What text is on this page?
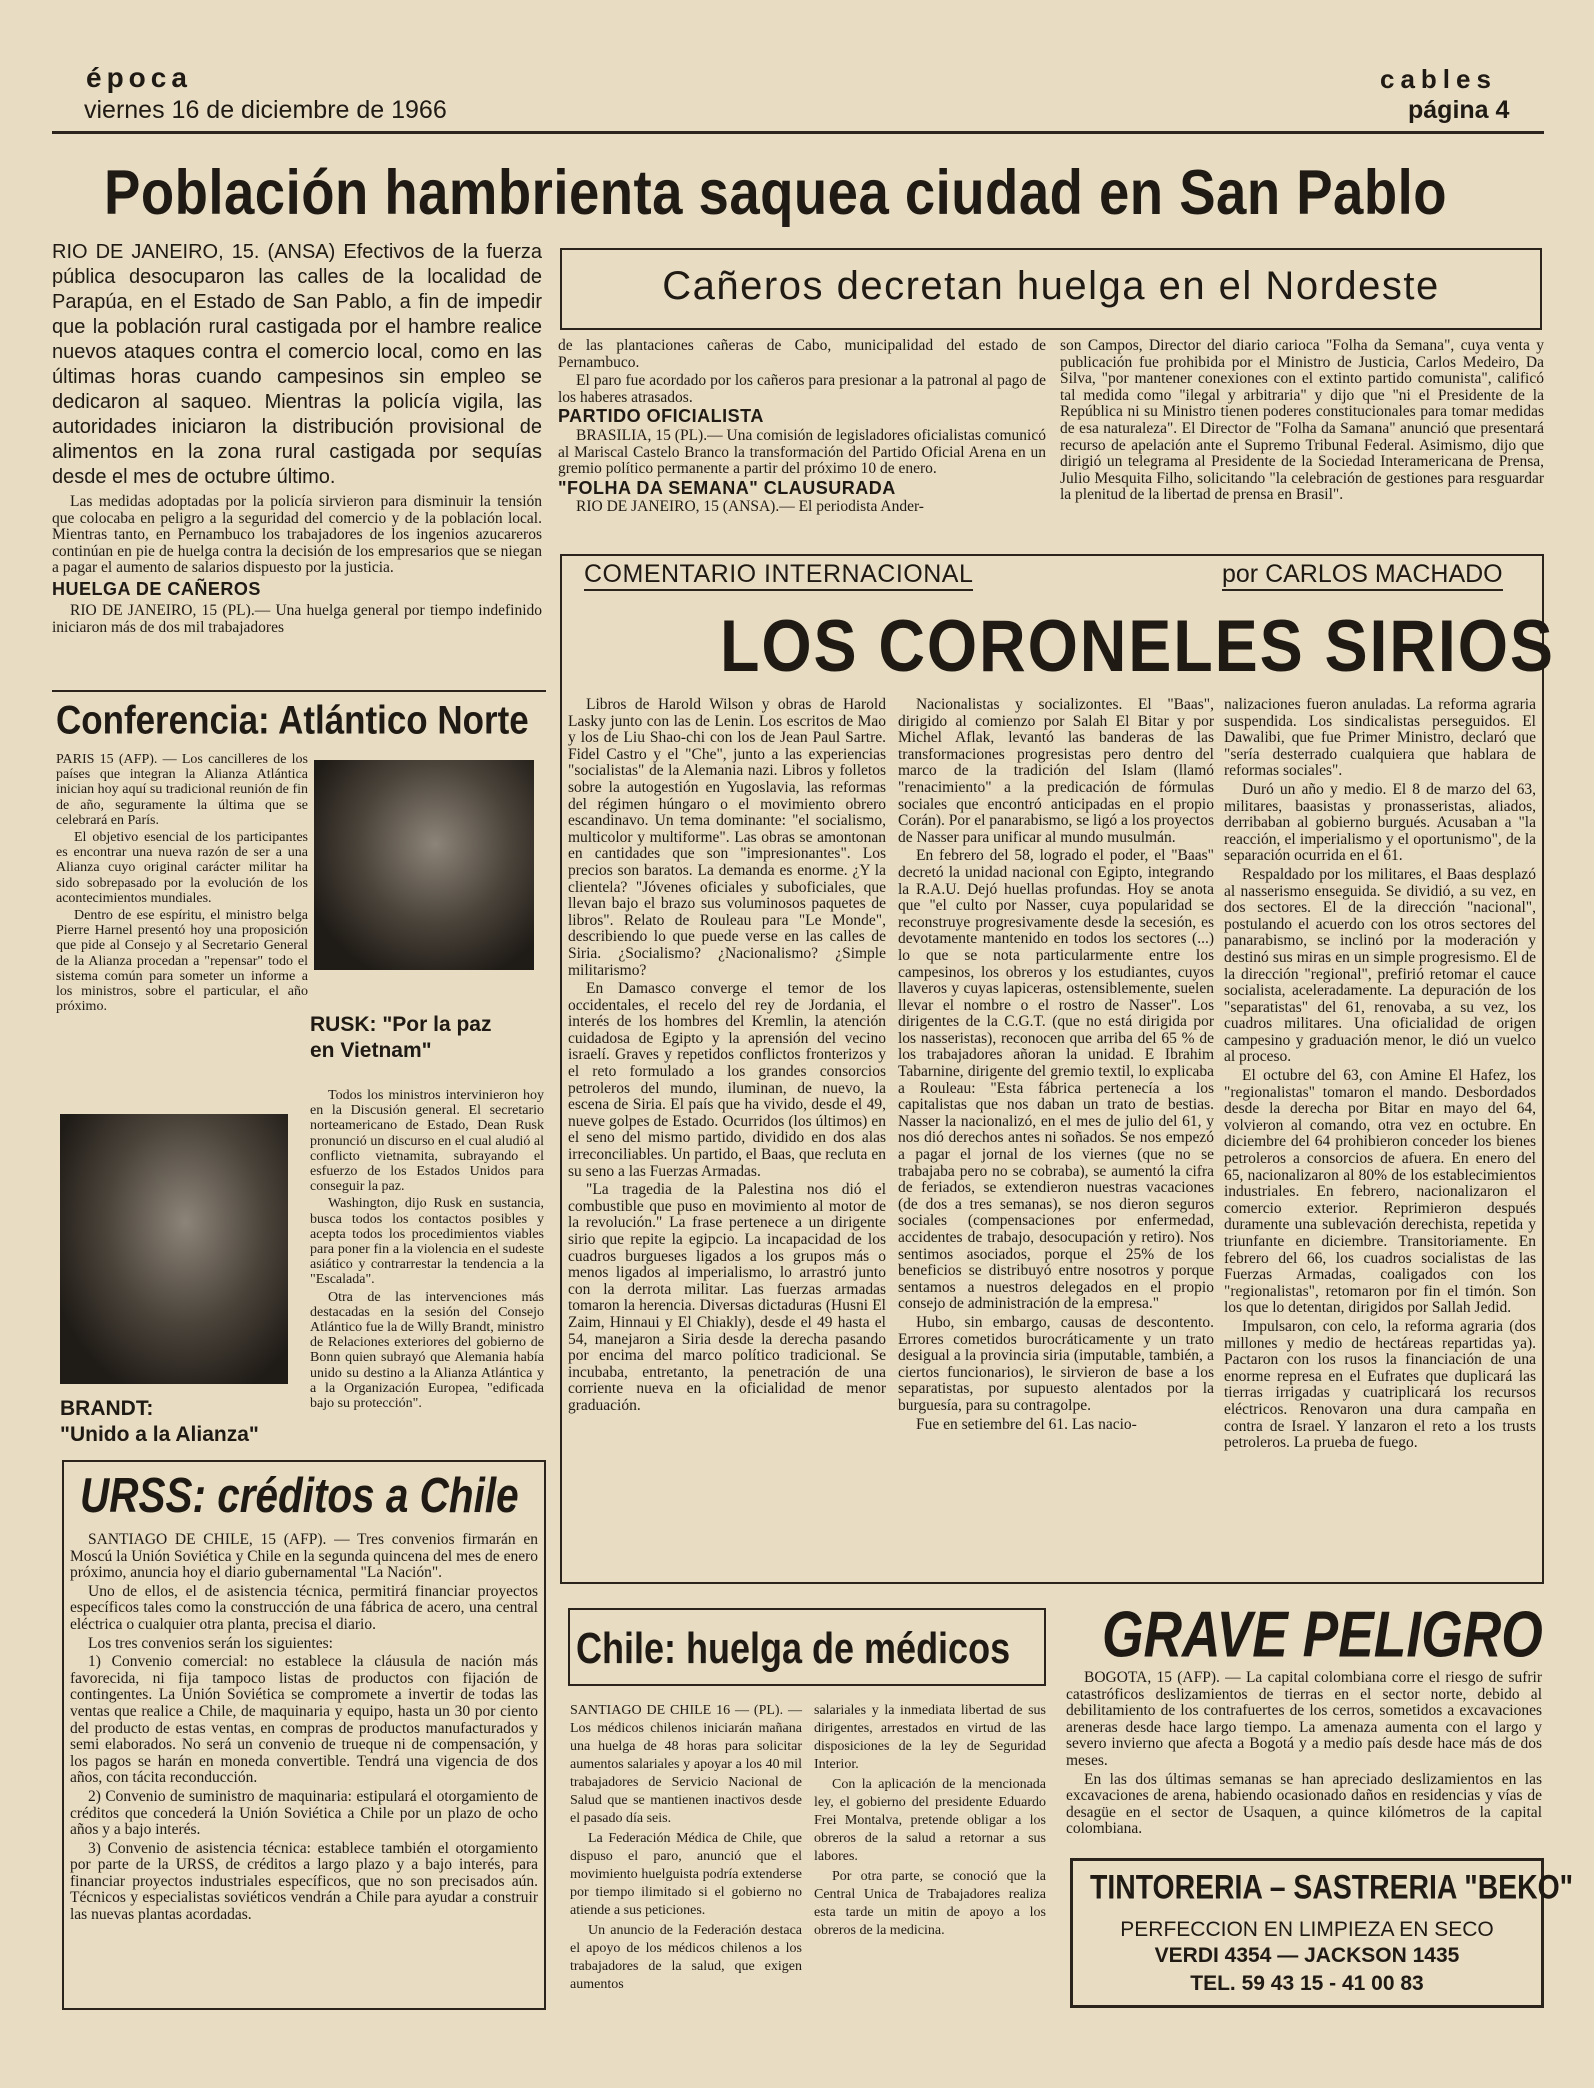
época
viernes 16 de diciembre de 1966
cables
página 4
Población hambrienta saquea ciudad en San Pablo
RIO DE JANEIRO, 15. (ANSA) Efectivos de la fuerza pública desocuparon las calles de la localidad de Parapúa, en el Estado de San Pablo, a fin de impedir que la población rural castigada por el hambre realice nuevos ataques contra el comercio local, como en las últimas horas cuando campesinos sin empleo se dedicaron al saqueo. Mientras la policía vigila, las autoridades iniciaron la distribución provisional de alimentos en la zona rural castigada por sequías desde el mes de octubre último.

Las medidas adoptadas por la policía sirvieron para disminuir la tensión que colocaba en peligro a la seguridad del comercio y de la población local. Mientras tanto, en Pernambuco los trabajadores de los ingenios azucareros continúan en pie de huelga contra la decisión de los empresarios que se niegan a pagar el aumento de salarios dispuesto por la justicia.

HUELGA DE CAÑEROS

RIO DE JANEIRO, 15 (PL).— Una huelga general por tiempo indefinido iniciaron más de dos mil trabajadores

Cañeros decretan huelga en el Nordeste

de las plantaciones cañeras de Cabo, municipalidad del estado de Pernambuco.

El paro fue acordado por los cañeros para presionar a la patronal al pago de los haberes atrasados.

PARTIDO OFICIALISTA

BRASILIA, 15 (PL).— Una comisión de legisladores oficialistas comunicó al Mariscal Castelo Branco la transformación del Partido Oficial Arena en un gremio político permanente a partir del próximo 10 de enero.

"FOLHA DA SEMANA" CLAUSURADA

RIO DE JANEIRO, 15 (ANSA).— El periodista Ander-

son Campos, Director del diario carioca "Folha da Semana", cuya venta y publicación fue prohibida por el Ministro de Justicia, Carlos Medeiro, Da Silva, "por mantener conexiones con el extinto partido comunista", calificó tal medida como "ilegal y arbitraria" y dijo que "ni el Presidente de la República ni su Ministro tienen poderes constitucionales para tomar medidas de esa naturaleza". El Director de "Folha da Samana" anunció que presentará recurso de apelación ante el Supremo Tribunal Federal. Asimismo, dijo que dirigió un telegrama al Presidente de la Sociedad Interamericana de Prensa, Julio Mesquita Filho, solicitando "la celebración de gestiones para resguardar la plenitud de la libertad de prensa en Brasil".

COMENTARIO INTERNACIONAL	por CARLOS MACHADO
LOS CORONELES SIRIOS

Libros de Harold Wilson y obras de Harold Lasky junto con las de Lenin. Los escritos de Mao y los de Liu Shao-chi con los de Jean Paul Sartre. Fidel Castro y el "Che", junto a las experiencias "socialistas" de la Alemania nazi. Libros y folletos sobre la autogestión en Yugoslavia, las reformas del régimen húngaro o el movimiento obrero escandinavo. Un tema dominante: "el socialismo, multicolor y multiforme". Las obras se amontonan en cantidades que son "impresionantes". Los precios son baratos. La demanda es enorme. ¿Y la clientela? "Jóvenes oficiales y suboficiales, que llevan bajo el brazo sus voluminosos paquetes de libros". Relato de Rouleau para "Le Monde", describiendo lo que puede verse en las calles de Siria. ¿Socialismo? ¿Nacionalismo? ¿Simple militarismo?

En Damasco converge el temor de los occidentales, el recelo del rey de Jordania, el interés de los hombres del Kremlin, la atención cuidadosa de Egipto y la aprensión del vecino israelí. Graves y repetidos conflictos fronterizos y el reto formulado a los grandes consorcios petroleros del mundo, iluminan, de nuevo, la escena de Siria. El país que ha vivido, desde el 49, nueve golpes de Estado. Ocurridos (los últimos) en el seno del mismo partido, dividido en dos alas irreconciliables. Un partido, el Baas, que recluta en su seno a las Fuerzas Armadas.

"La tragedia de la Palestina nos dió el combustible que puso en movimiento al motor de la revolución." La frase pertenece a un dirigente sirio que repite la egipcio. La incapacidad de los cuadros burgueses ligados a los grupos más o menos ligados al imperialismo, lo arrastró junto con la derrota militar. Las fuerzas armadas tomaron la herencia. Diversas dictaduras (Husni El Zaim, Hinnaui y El Chiakly), desde el 49 hasta el 54, manejaron a Siria desde la derecha pasando por encima del marco político tradicional. Se incubaba, entretanto, la penetración de una corriente nueva en la oficialidad de menor graduación.

Nacionalistas y socializontes. El "Baas", dirigido al comienzo por Salah El Bitar y por Michel Aflak, levantó las banderas de las transformaciones progresistas pero dentro del marco de la tradición del Islam (llamó "renacimiento" a la predicación de fórmulas sociales que encontró anticipadas en el propio Corán). Por el panarabismo, se ligó a los proyectos de Nasser para unificar al mundo musulmán.

En febrero del 58, logrado el poder, el "Baas" decretó la unidad nacional con Egipto, integrando la R.A.U. Dejó huellas profundas. Hoy se anota que "el culto por Nasser, cuya popularidad se reconstruye progresivamente desde la secesión, es devotamente mantenido en todos los sectores (...) lo que se nota particularmente entre los campesinos, los obreros y los estudiantes, cuyos llaveros y cuyas lapiceras, ostensiblemente, suelen llevar el nombre o el rostro de Nasser". Los dirigentes de la C.G.T. (que no está dirigida por los nasseristas), reconocen que arriba del 65 % de los trabajadores añoran la unidad. E Ibrahim Tabarnine, dirigente del gremio textil, lo explicaba a Rouleau: "Esta fábrica pertenecía a los capitalistas que nos daban un trato de bestias. Nasser la nacionalizó, en el mes de julio del 61, y nos dió derechos antes ni soñados. Se nos empezó a pagar el jornal de los viernes (que no se trabajaba pero no se cobraba), se aumentó la cifra de feriados, se extendieron nuestras vacaciones (de dos a tres semanas), se nos dieron seguros sociales (compensaciones por enfermedad, accidentes de trabajo, desocupación y retiro). Nos sentimos asociados, porque el 25% de los beneficios se distribuyó entre nosotros y porque sentamos a nuestros delegados en el propio consejo de administración de la empresa."

Hubo, sin embargo, causas de descontento. Errores cometidos burocráticamente y un trato desigual a la provincia siria (imputable, también, a ciertos funcionarios), le sirvieron de base a los separatistas, por supuesto alentados por la burguesía, para su contragolpe.

Fue en setiembre del 61. Las nacio-

nalizaciones fueron anuladas. La reforma agraria suspendida. Los sindicalistas perseguidos. El Dawalibi, que fue Primer Ministro, declaró que "sería desterrado cualquiera que hablara de reformas sociales".

Duró un año y medio. El 8 de marzo del 63, militares, baasistas y pronasseristas, aliados, derribaban al gobierno burgués. Acusaban a "la reacción, el imperialismo y el oportunismo", de la separación ocurrida en el 61.

Respaldado por los militares, el Baas desplazó al nasserismo enseguida. Se dividió, a su vez, en dos sectores. El de la dirección "nacional", postulando el acuerdo con los otros sectores del panarabismo, se inclinó por la moderación y destinó sus miras en un simple progresismo. El de la dirección "regional", prefirió retomar el cauce socialista, aceleradamente. La depuración de los "separatistas" del 61, renovaba, a su vez, los cuadros militares. Una oficialidad de origen campesino y graduación menor, le dió un vuelco al proceso.

El octubre del 63, con Amine El Hafez, los "regionalistas" tomaron el mando. Desbordados desde la derecha por Bitar en mayo del 64, volvieron al comando, otra vez en octubre. En diciembre del 64 prohibieron conceder los bienes petroleros a consorcios de afuera. En enero del 65, nacionalizaron al 80% de los establecimientos industriales. En febrero, nacionalizaron el comercio exterior. Reprimieron después duramente una sublevación derechista, repetida y triunfante en diciembre. Transitoriamente. En febrero del 66, los cuadros socialistas de las Fuerzas Armadas, coaligados con los "regionalistas", retomaron por fin el timón. Son los que lo detentan, dirigidos por Sallah Jedid.

Impulsaron, con celo, la reforma agraria (dos millones y medio de hectáreas repartidas ya). Pactaron con los rusos la financiación de una enorme represa en el Eufrates que duplicará las tierras irrigadas y cuatriplicará los recursos eléctricos. Renovaron una dura campaña en contra de Israel. Y lanzaron el reto a los trusts petroleros. La prueba de fuego.

Conferencia: Atlántico Norte

PARIS 15 (AFP). — Los cancilleres de los países que integran la Alianza Atlántica inician hoy aquí su tradicional reunión de fin de año, seguramente la última que se celebrará en París.

El objetivo esencial de los participantes es encontrar una nueva razón de ser a una Alianza cuyo original carácter militar ha sido sobrepasado por la evolución de los acontecimientos mundiales.

Dentro de ese espíritu, el ministro belga Pierre Harnel presentó hoy una proposición que pide al Consejo y al Secretario General de la Alianza procedan a "repensar" todo el sistema común para someter un informe a los ministros, sobre el particular, el año próximo.

RUSK: "Por la paz en Vietnam"
BRANDT:
"Unido a la Alianza"

Todos los ministros intervinieron hoy en la Discusión general. El secretario norteamericano de Estado, Dean Rusk pronunció un discurso en el cual aludió al conflicto vietnamita, subrayando el esfuerzo de los Estados Unidos para conseguir la paz.

Washington, dijo Rusk en sustancia, busca todos los contactos posibles y acepta todos los procedimientos viables para poner fin a la violencia en el sudeste asiático y contrarrestar la tendencia a la "Escalada".

Otra de las intervenciones más destacadas en la sesión del Consejo Atlántico fue la de Willy Brandt, ministro de Relaciones exteriores del gobierno de Bonn quien subrayó que Alemania había unido su destino a la Alianza Atlántica y a la Organización Europea, "edificada bajo su protección".

URSS: créditos a Chile

SANTIAGO DE CHILE, 15 (AFP). — Tres convenios firmarán en Moscú la Unión Soviética y Chile en la segunda quincena del mes de enero próximo, anuncia hoy el diario gubernamental "La Nación".

Uno de ellos, el de asistencia técnica, permitirá financiar proyectos específicos tales como la construcción de una fábrica de acero, una central eléctrica o cualquier otra planta, precisa el diario.

Los tres convenios serán los siguientes:

1) Convenio comercial: no establece la cláusula de nación más favorecida, ni fija tampoco listas de productos con fijación de contingentes. La Unión Soviética se compromete a invertir de todas las ventas que realice a Chile, de maquinaria y equipo, hasta un 30 por ciento del producto de estas ventas, en compras de productos manufacturados y semi elaborados. No será un convenio de trueque ni de compensación, y los pagos se harán en moneda convertible. Tendrá una vigencia de dos años, con tácita reconducción.

2) Convenio de suministro de maquinaria: estipulará el otorgamiento de créditos que concederá la Unión Soviética a Chile por un plazo de ocho años y a bajo interés.

3) Convenio de asistencia técnica: establece también el otorgamiento por parte de la URSS, de créditos a largo plazo y a bajo interés, para financiar proyectos industriales específicos, que no son precisados aún. Técnicos y especialistas soviéticos vendrán a Chile para ayudar a construir las nuevas plantas acordadas.

Chile: huelga de médicos

SANTIAGO DE CHILE 16 — (PL). — Los médicos chilenos iniciarán mañana una huelga de 48 horas para solicitar aumentos salariales y apoyar a los 40 mil trabajadores de Servicio Nacional de Salud que se mantienen inactivos desde el pasado día seis.

La Federación Médica de Chile, que dispuso el paro, anunció que el movimiento huelguista podría extenderse por tiempo ilimitado si el gobierno no atiende a sus peticiones.

Un anuncio de la Federación destaca el apoyo de los médicos chilenos a los trabajadores de la salud, que exigen aumentos

salariales y la inmediata libertad de sus dirigentes, arrestados en virtud de las disposiciones de la ley de Seguridad Interior.

Con la aplicación de la mencionada ley, el gobierno del presidente Eduardo Frei Montalva, pretende obligar a los obreros de la salud a retornar a sus labores.

Por otra parte, se conoció que la Central Unica de Trabajadores realiza esta tarde un mitin de apoyo a los obreros de la medicina.

GRAVE PELIGRO

BOGOTA, 15 (AFP). — La capital colombiana corre el riesgo de sufrir catastróficos deslizamientos de tierras en el sector norte, debido al debilitamiento de los contrafuertes de los cerros, sometidos a excavaciones areneras desde hace largo tiempo. La amenaza aumenta con el largo y severo invierno que afecta a Bogotá y a medio país desde hace más de dos meses.

En las dos últimas semanas se han apreciado deslizamientos en las excavaciones de arena, habiendo ocasionado daños en residencias y vías de desagüe en el sector de Usaquen, a quince kilómetros de la capital colombiana.

TINTORERIA – SASTRERIA "BEKO"
PERFECCION EN LIMPIEZA EN SECO
VERDI 4354 — JACKSON 1435
TEL. 59 43 15 - 41 00 83
